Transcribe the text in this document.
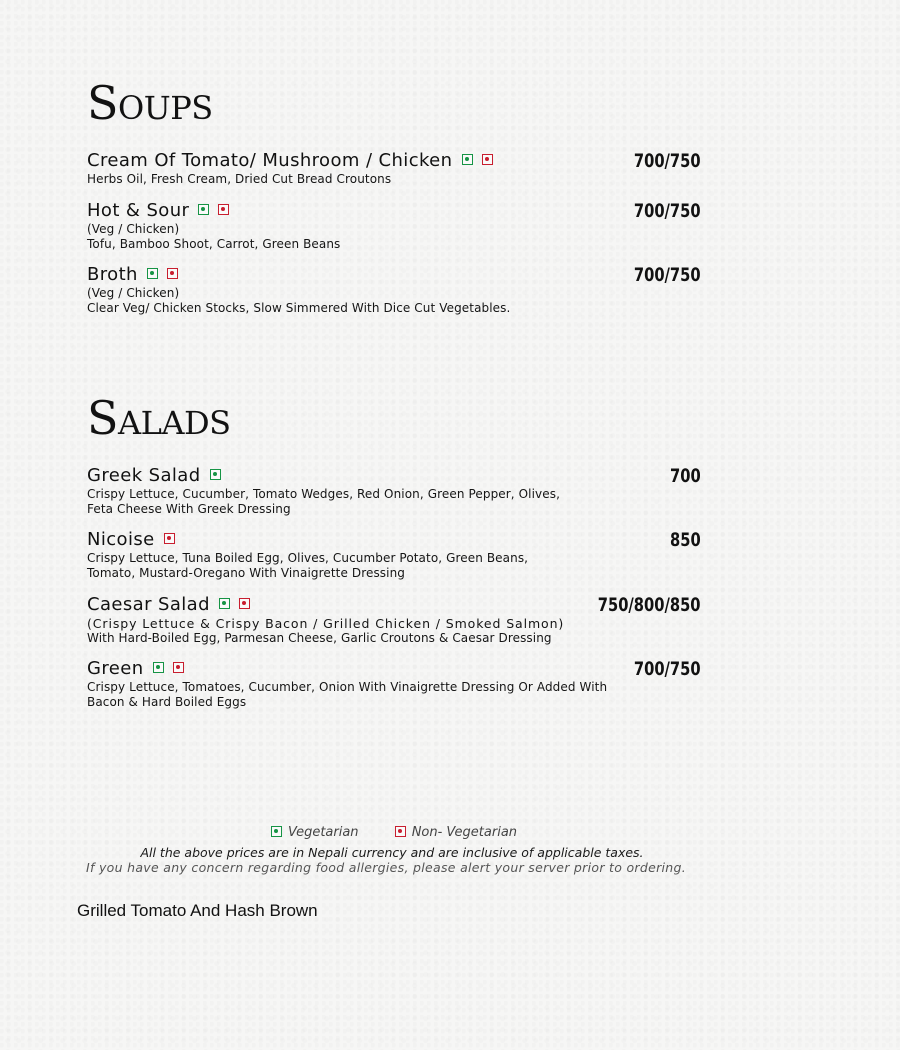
Soups
Cream Of Tomato/ Mushroom / Chicken	700/750

Herbs Oil, Fresh Cream, Dried Cut Bread Croutons

Hot & Sour	700/750

(Veg / Chicken)

Tofu, Bamboo Shoot, Carrot, Green Beans

Broth	700/750

(Veg / Chicken)

Clear Veg/ Chicken Stocks, Slow Simmered With Dice Cut Vegetables.

Salads
Greek Salad	700

Crispy Lettuce, Cucumber, Tomato Wedges, Red Onion, Green Pepper, Olives, Feta Cheese With Greek Dressing

Nicoise	850

Crispy Lettuce, Tuna Boiled Egg, Olives, Cucumber Potato, Green Beans, Tomato, Mustard-Oregano With Vinaigrette Dressing

Caesar Salad	750/800/850

(Crispy Lettuce & Crispy Bacon / Grilled Chicken / Smoked Salmon)

With Hard-Boiled Egg, Parmesan Cheese, Garlic Croutons & Caesar Dressing

Green	700/750

Crispy Lettuce, Tomatoes, Cucumber, Onion With Vinaigrette Dressing Or Added With Bacon & Hard Boiled Eggs

Vegetarian	Non- Vegetarian

All the above prices are in Nepali currency and are inclusive of applicable taxes.

If you have any concern regarding food allergies, please alert your server prior to ordering.

Grilled Tomato And Hash Brown
